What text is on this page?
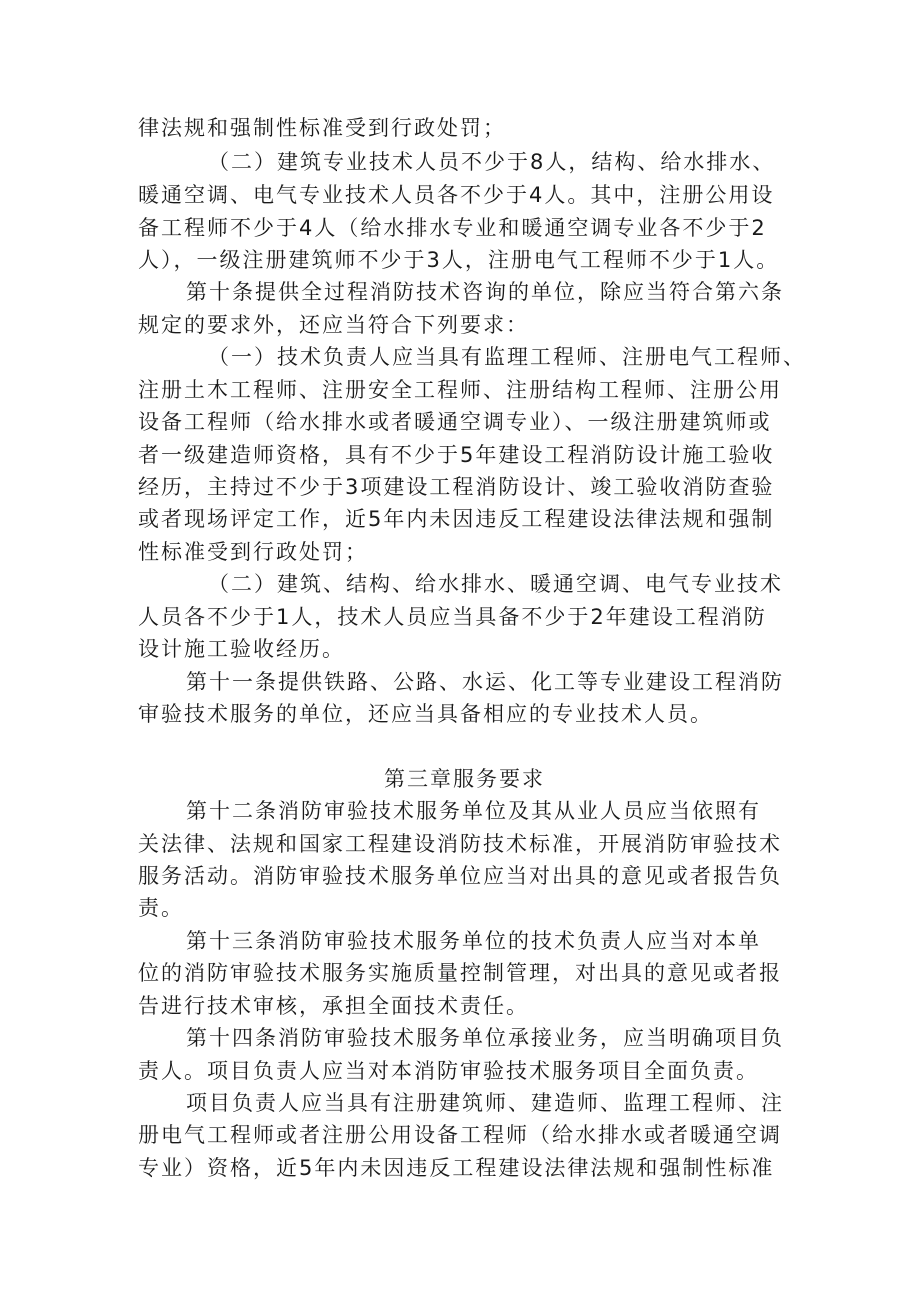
律法规和强制性标准受到行政处罚；
（二）建筑专业技术人员不少于8人，结构、给水排水、
暖通空调、电气专业技术人员各不少于4人。其中，注册公用设
备工程师不少于4人（给水排水专业和暖通空调专业各不少于2
人），一级注册建筑师不少于3人，注册电气工程师不少于1人。
第十条提供全过程消防技术咨询的单位，除应当符合第六条
规定的要求外，还应当符合下列要求：
（一）技术负责人应当具有监理工程师、注册电气工程师、
注册土木工程师、注册安全工程师、注册结构工程师、注册公用
设备工程师（给水排水或者暖通空调专业）、一级注册建筑师或
者一级建造师资格，具有不少于5年建设工程消防设计施工验收
经历，主持过不少于3项建设工程消防设计、竣工验收消防查验
或者现场评定工作，近5年内未因违反工程建设法律法规和强制
性标准受到行政处罚；
（二）建筑、结构、给水排水、暖通空调、电气专业技术
人员各不少于1人，技术人员应当具备不少于2年建设工程消防
设计施工验收经历。
第十一条提供铁路、公路、水运、化工等专业建设工程消防
审验技术服务的单位，还应当具备相应的专业技术人员。
第三章服务要求
第十二条消防审验技术服务单位及其从业人员应当依照有
关法律、法规和国家工程建设消防技术标准，开展消防审验技术
服务活动。消防审验技术服务单位应当对出具的意见或者报告负
责。
第十三条消防审验技术服务单位的技术负责人应当对本单
位的消防审验技术服务实施质量控制管理，对出具的意见或者报
告进行技术审核，承担全面技术责任。
第十四条消防审验技术服务单位承接业务，应当明确项目负
责人。项目负责人应当对本消防审验技术服务项目全面负责。
项目负责人应当具有注册建筑师、建造师、监理工程师、注
册电气工程师或者注册公用设备工程师（给水排水或者暖通空调
专业）资格，近5年内未因违反工程建设法律法规和强制性标准
